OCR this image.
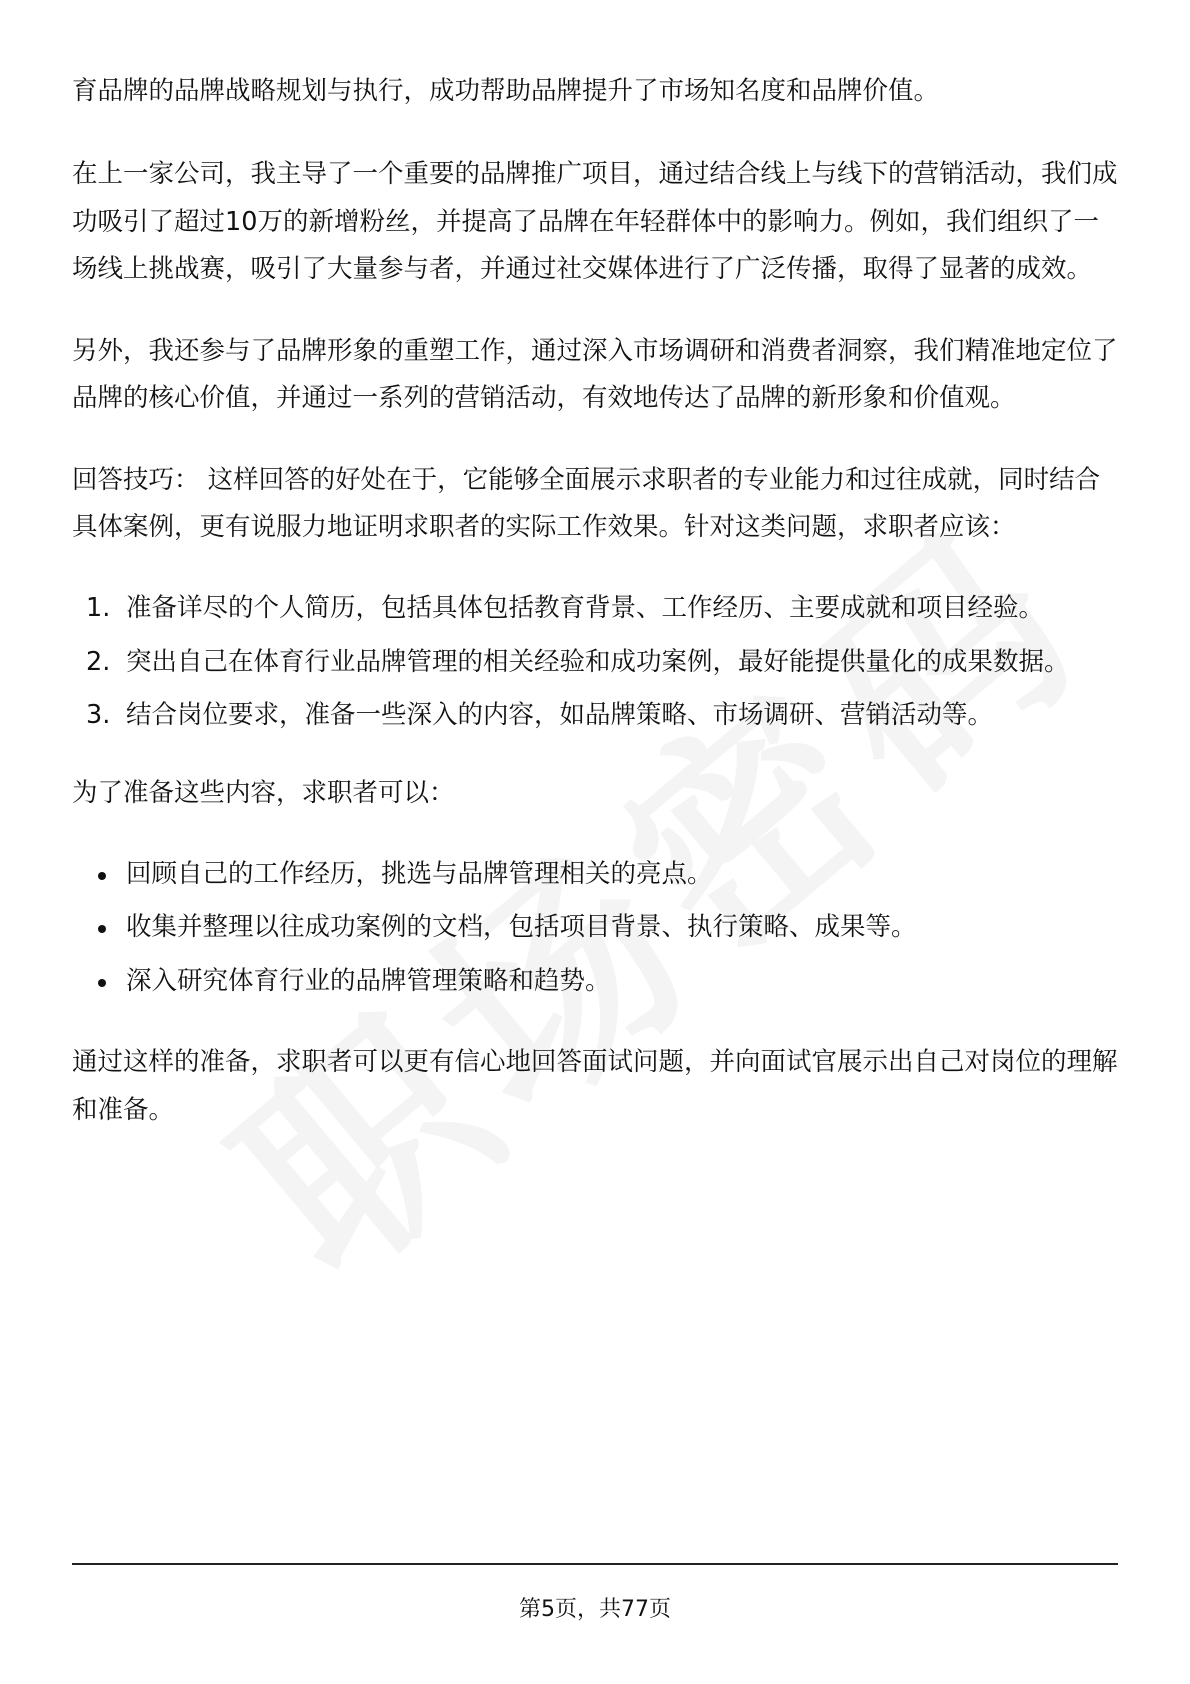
育品牌的品牌战略规划与执行，成功帮助品牌提升了市场知名度和品牌价值。

在上一家公司，我主导了一个重要的品牌推广项目，通过结合线上与线下的营销活动，我们成功吸引了超过10万的新增粉丝，并提高了品牌在年轻群体中的影响力。例如，我们组织了一场线上挑战赛，吸引了大量参与者，并通过社交媒体进行了广泛传播，取得了显著的成效。

另外，我还参与了品牌形象的重塑工作，通过深入市场调研和消费者洞察，我们精准地定位了品牌的核心价值，并通过一系列的营销活动，有效地传达了品牌的新形象和价值观。

回答技巧： 这样回答的好处在于，它能够全面展示求职者的专业能力和过往成就，同时结合具体案例，更有说服力地证明求职者的实际工作效果。针对这类问题，求职者应该：

1. 准备详尽的个人简历，包括具体包括教育背景、工作经历、主要成就和项目经验。
2. 突出自己在体育行业品牌管理的相关经验和成功案例，最好能提供量化的成果数据。
3. 结合岗位要求，准备一些深入的内容，如品牌策略、市场调研、营销活动等。

为了准备这些内容，求职者可以：

回顾自己的工作经历，挑选与品牌管理相关的亮点。
收集并整理以往成功案例的文档，包括项目背景、执行策略、成果等。
深入研究体育行业的品牌管理策略和趋势。

通过这样的准备，求职者可以更有信心地回答面试问题，并向面试官展示出自己对岗位的理解和准备。

第5页，共77页
